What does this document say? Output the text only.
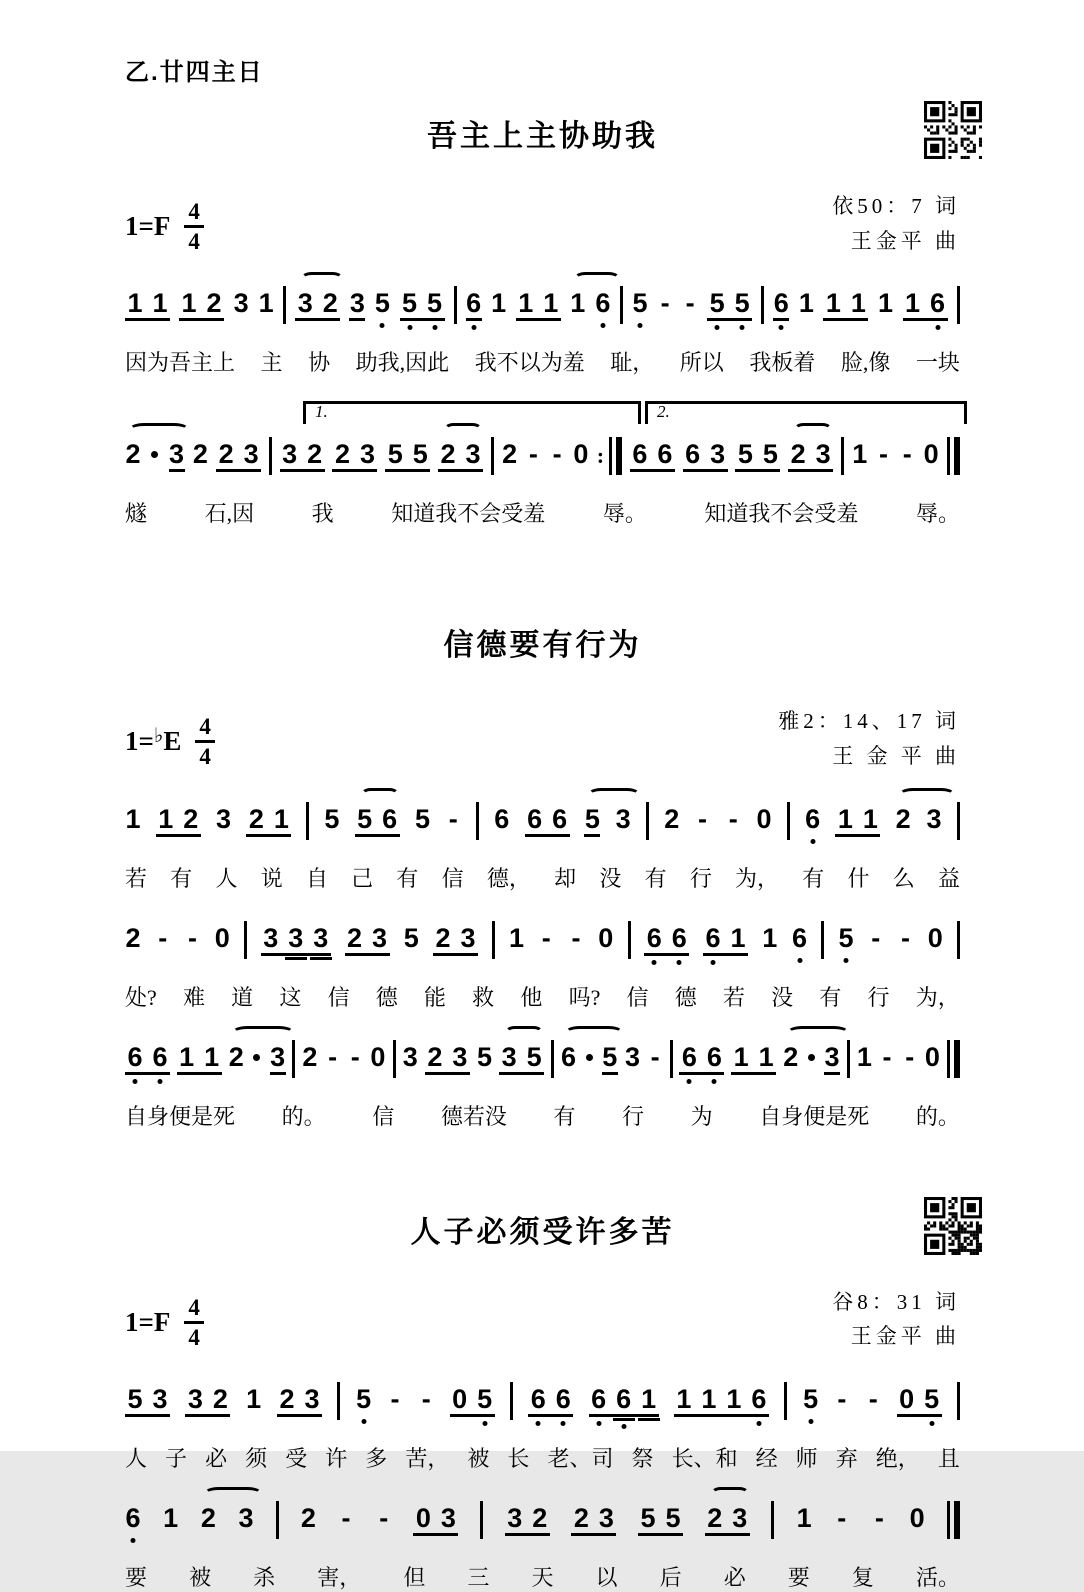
乙.廿四主日
吾主上主协助我
1= F $\frac{4}{4}$	依50：7 词
王金平 曲
1 1 1 2 3 1 3 2 3 5 5 5 6 1 1 1 1 6 5 - - 5 5 6 1 1 1 1 1 6
因为吾主上 主 协 助我,因此 我不以为羞 耻， 所以 我板着 脸,像 一块
1.	2.
2 3 2 2 3 3 2 2 3 5 5 2 3 2 - - 0 : 6 6 6 3 5 5 2 3 1 - - 0
燧	石,因	我	知道我不会受羞	辱。	知道我不会受羞	辱。
信德要有行为
1= ♭ E $\frac{4}{4}$	雅2：14、17 词
王 金 平 曲
1 1 2 3 2 1 5 5 6 5 - 6 6 6 5 3 2 - - 0 6 1 1 2 3
若 有 人 说 自 己 有 信 德， 却 没 有 行 为， 有 什 么 益
2 - - 0 3 3 3 2 3 5 2 3 1 - - 0 6 6 6 1 1 6 5 - - 0
处? 难 道 这 信 德 能 救 他 吗? 信 德 若 没 有 行 为，
6 6 1 1 2 3 2 - - 0 3 2 3 5 3 5 6 5 3 - 6 6 1 1 2 3 1 - - 0
自身便是死 的。 信 德若没 有 行 为 自身便是死 的。
人子必须受许多苦
1= F $\frac{4}{4}$	谷8：31 词
王金平 曲
5 3 3 2 1 2 3 5 - - 0 5 6 6 6 6 1 1 1 1 6 5 - - 0 5
人 子 必 须 受 许 多 苦， 被 长 老、司 祭 长、和 经 师 弃 绝， 且
6 1 2 3 2 - - 0 3 3 2 2 3 5 5 2 3 1 - - 0
要 被 杀 害， 但 三 天 以 后 必 要 复 活。
